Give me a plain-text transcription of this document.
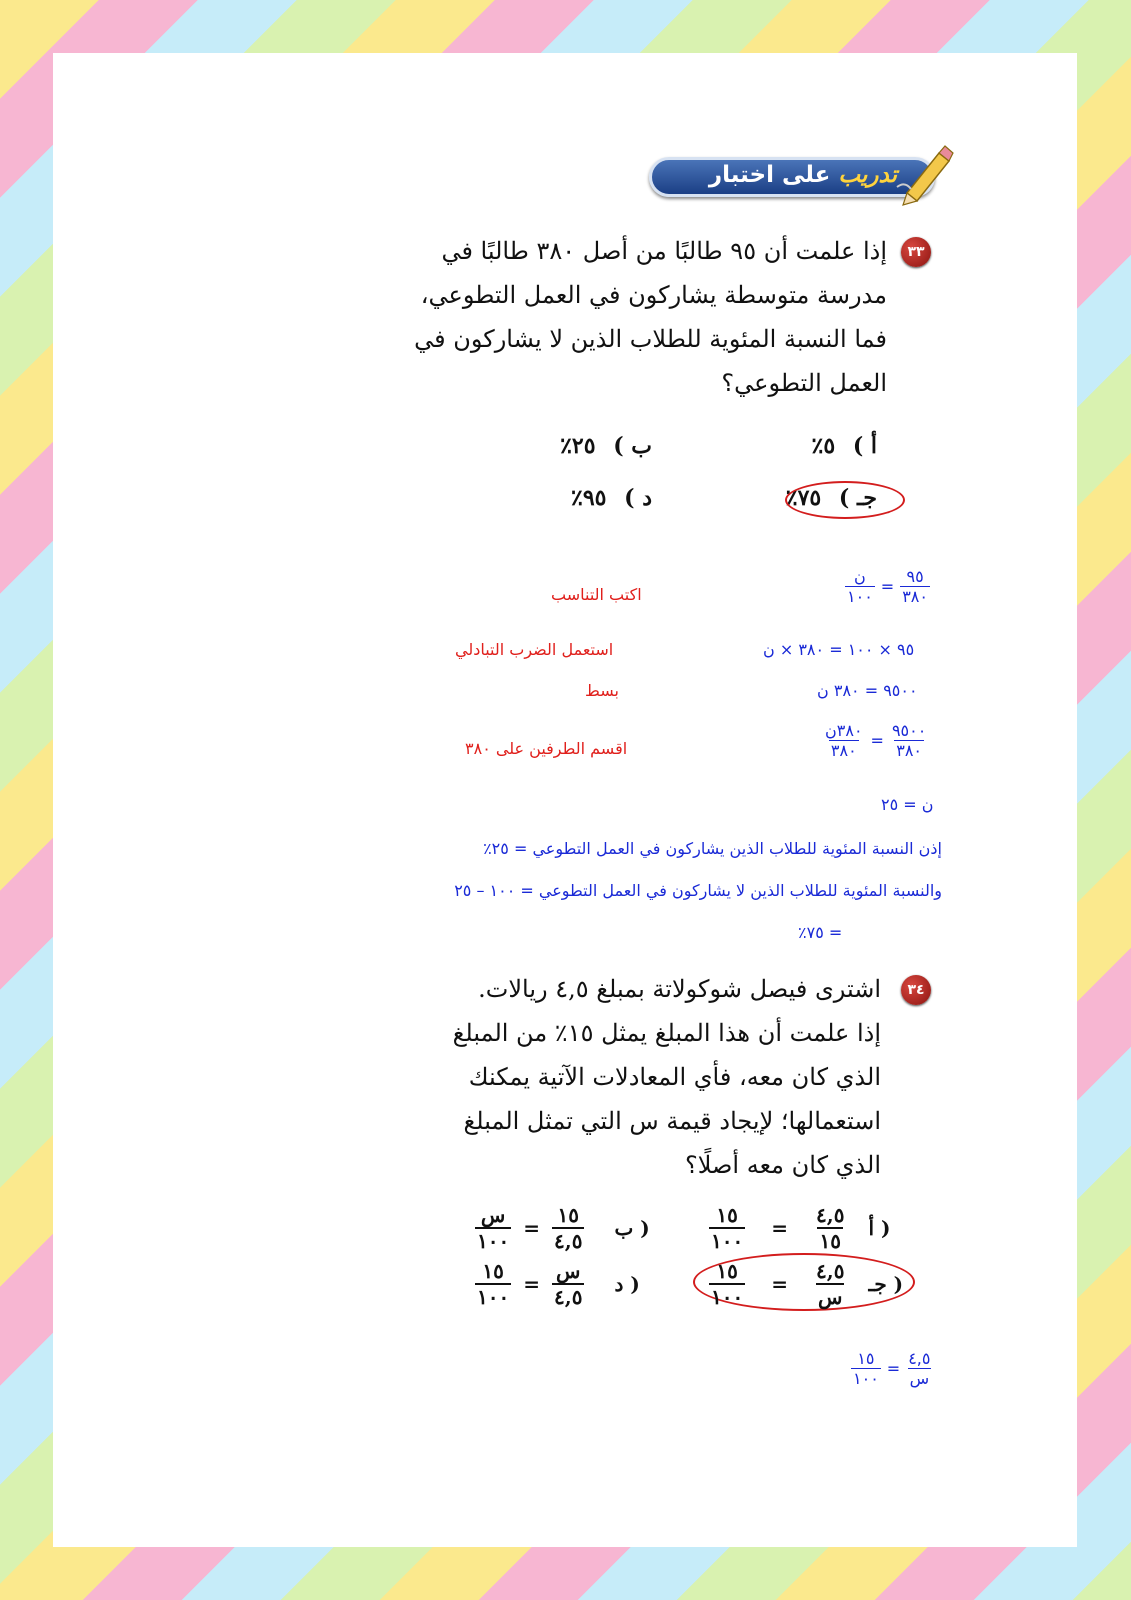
تدريب على اختبار
٣٣
إذا علمت أن ٩٥ طالبًا من أصل ٣٨٠ طالبًا في
مدرسة متوسطة يشاركون في العمل التطوعي،
فما النسبة المئوية للطلاب الذين لا يشاركون في
العمل التطوعي؟
أ ) ٥٪
ب ) ٢٥٪
جـ ) ٧٥٪
د ) ٩٥٪
$\frac{\text{ن}}{١٠٠} = \frac{٩٥}{٣٨٠}$
اكتب التناسب
٩٥ × ١٠٠ = ٣٨٠ × ن
استعمل الضرب التبادلي
٩٥٠٠ = ٣٨٠ ن
بسط
$\frac{\text{٣٨٠ن}}{٣٨٠} = \frac{٩٥٠٠}{٣٨٠}$
اقسم الطرفين على ٣٨٠
ن = ٢٥
إذن النسبة المئوية للطلاب الذين يشاركون في العمل التطوعي = ٢٥٪
والنسبة المئوية للطلاب الذين لا يشاركون في العمل التطوعي = ١٠٠ – ٢٥
= ٧٥٪
٣٤
اشترى فيصل شوكولاتة بمبلغ ٤,٥ ريالات.
إذا علمت أن هذا المبلغ يمثل ١٥٪ من المبلغ
الذي كان معه، فأي المعادلات الآتية يمكنك
استعمالها؛ لإيجاد قيمة س التي تمثل المبلغ
الذي كان معه أصلًا؟
$\frac{١٥}{١٠٠} = \frac{٤,٥}{١٥}$ أ )
$\frac{\text{س}}{١٠٠} = \frac{١٥}{٤,٥}$ ب )
$\frac{١٥}{١٠٠} = \frac{٤,٥}{\text{س}}$ جـ )
$\frac{١٥}{١٠٠} = \frac{\text{س}}{٤,٥}$ د )
$\frac{١٥}{١٠٠} = \frac{٤,٥}{\text{س}}$
